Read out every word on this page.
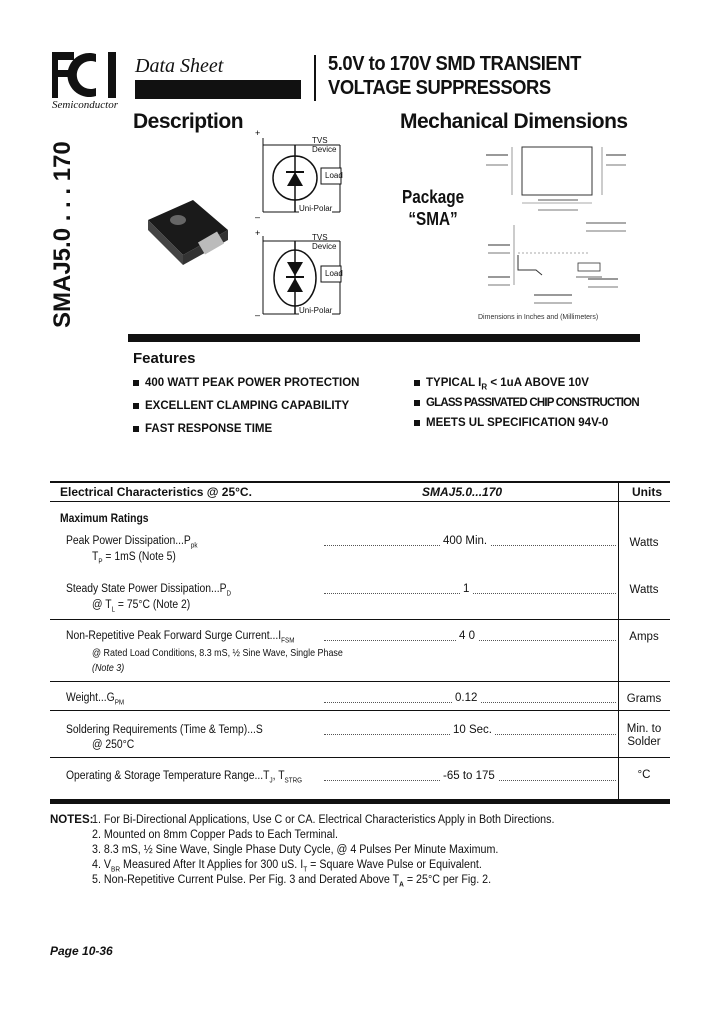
Semiconductor
Data Sheet	5.0V to 170V SMD TRANSIENT
VOLTAGE SUPPRESSORS
SMAJ5.0 . . . 170
Description	Mechanical Dimensions
Package
“SMA”
+
–
TVS
Device
Load
Uni-Polar
+
–
TVS
Device
Load
Uni-Polar
Dimensions in Inches and (Millimeters)
Features
400 WATT PEAK POWER PROTECTION
EXCELLENT CLAMPING CAPABILITY
FAST RESPONSE TIME
TYPICAL $I_R < 1uA$ ABOVE 10V
GLASS PASSIVATED CHIP CONSTRUCTION
MEETS UL SPECIFICATION 94V-0
Electrical Characteristics @ 25°C.	SMAJ5.0...170	Units
Maximum Ratings
Peak Power $Dissipation...P_{pk}$
$T_P = 1mS$ (Note 5)
400 Min.	Watts
Steady State Power $Dissipation...P_D$
@ $T_L = 75^\circ C$ (Note 2)
1	Watts
Non-Repetitive Peak Forward Surge $Current...I_{FSM}$
@ Rated Load Conditions, 8.3 mS, ½ Sine Wave, Single Phase
(Note 3)
4 0	Amps
$Weight...G_{PM}$	0.12	Grams
Soldering Requirements (Time & Temp)...S
@ 250°C
10 Sec.	Min. to
Solder
Operating & Storage Temperature $Range...T_J$, $T_{STRG}$	-65 to 175	°C
NOTES:
1. For Bi-Directional Applications, Use C or CA. Electrical Characteristics Apply in Both Directions.
2. Mounted on 8mm Copper Pads to Each Terminal.
3. 8.3 mS, ½ Sine Wave, Single Phase Duty Cycle, @ 4 Pulses Per Minute Maximum.
4. $V_{BR}$ Measured After It Applies for 300 uS. $I_T$ = Square Wave Pulse or Equivalent.
5. Non-Repetitive Current Pulse. Per Fig. 3 and Derated Above $T_A = 25^\circ C$ per Fig. 2.
Page 10-36
